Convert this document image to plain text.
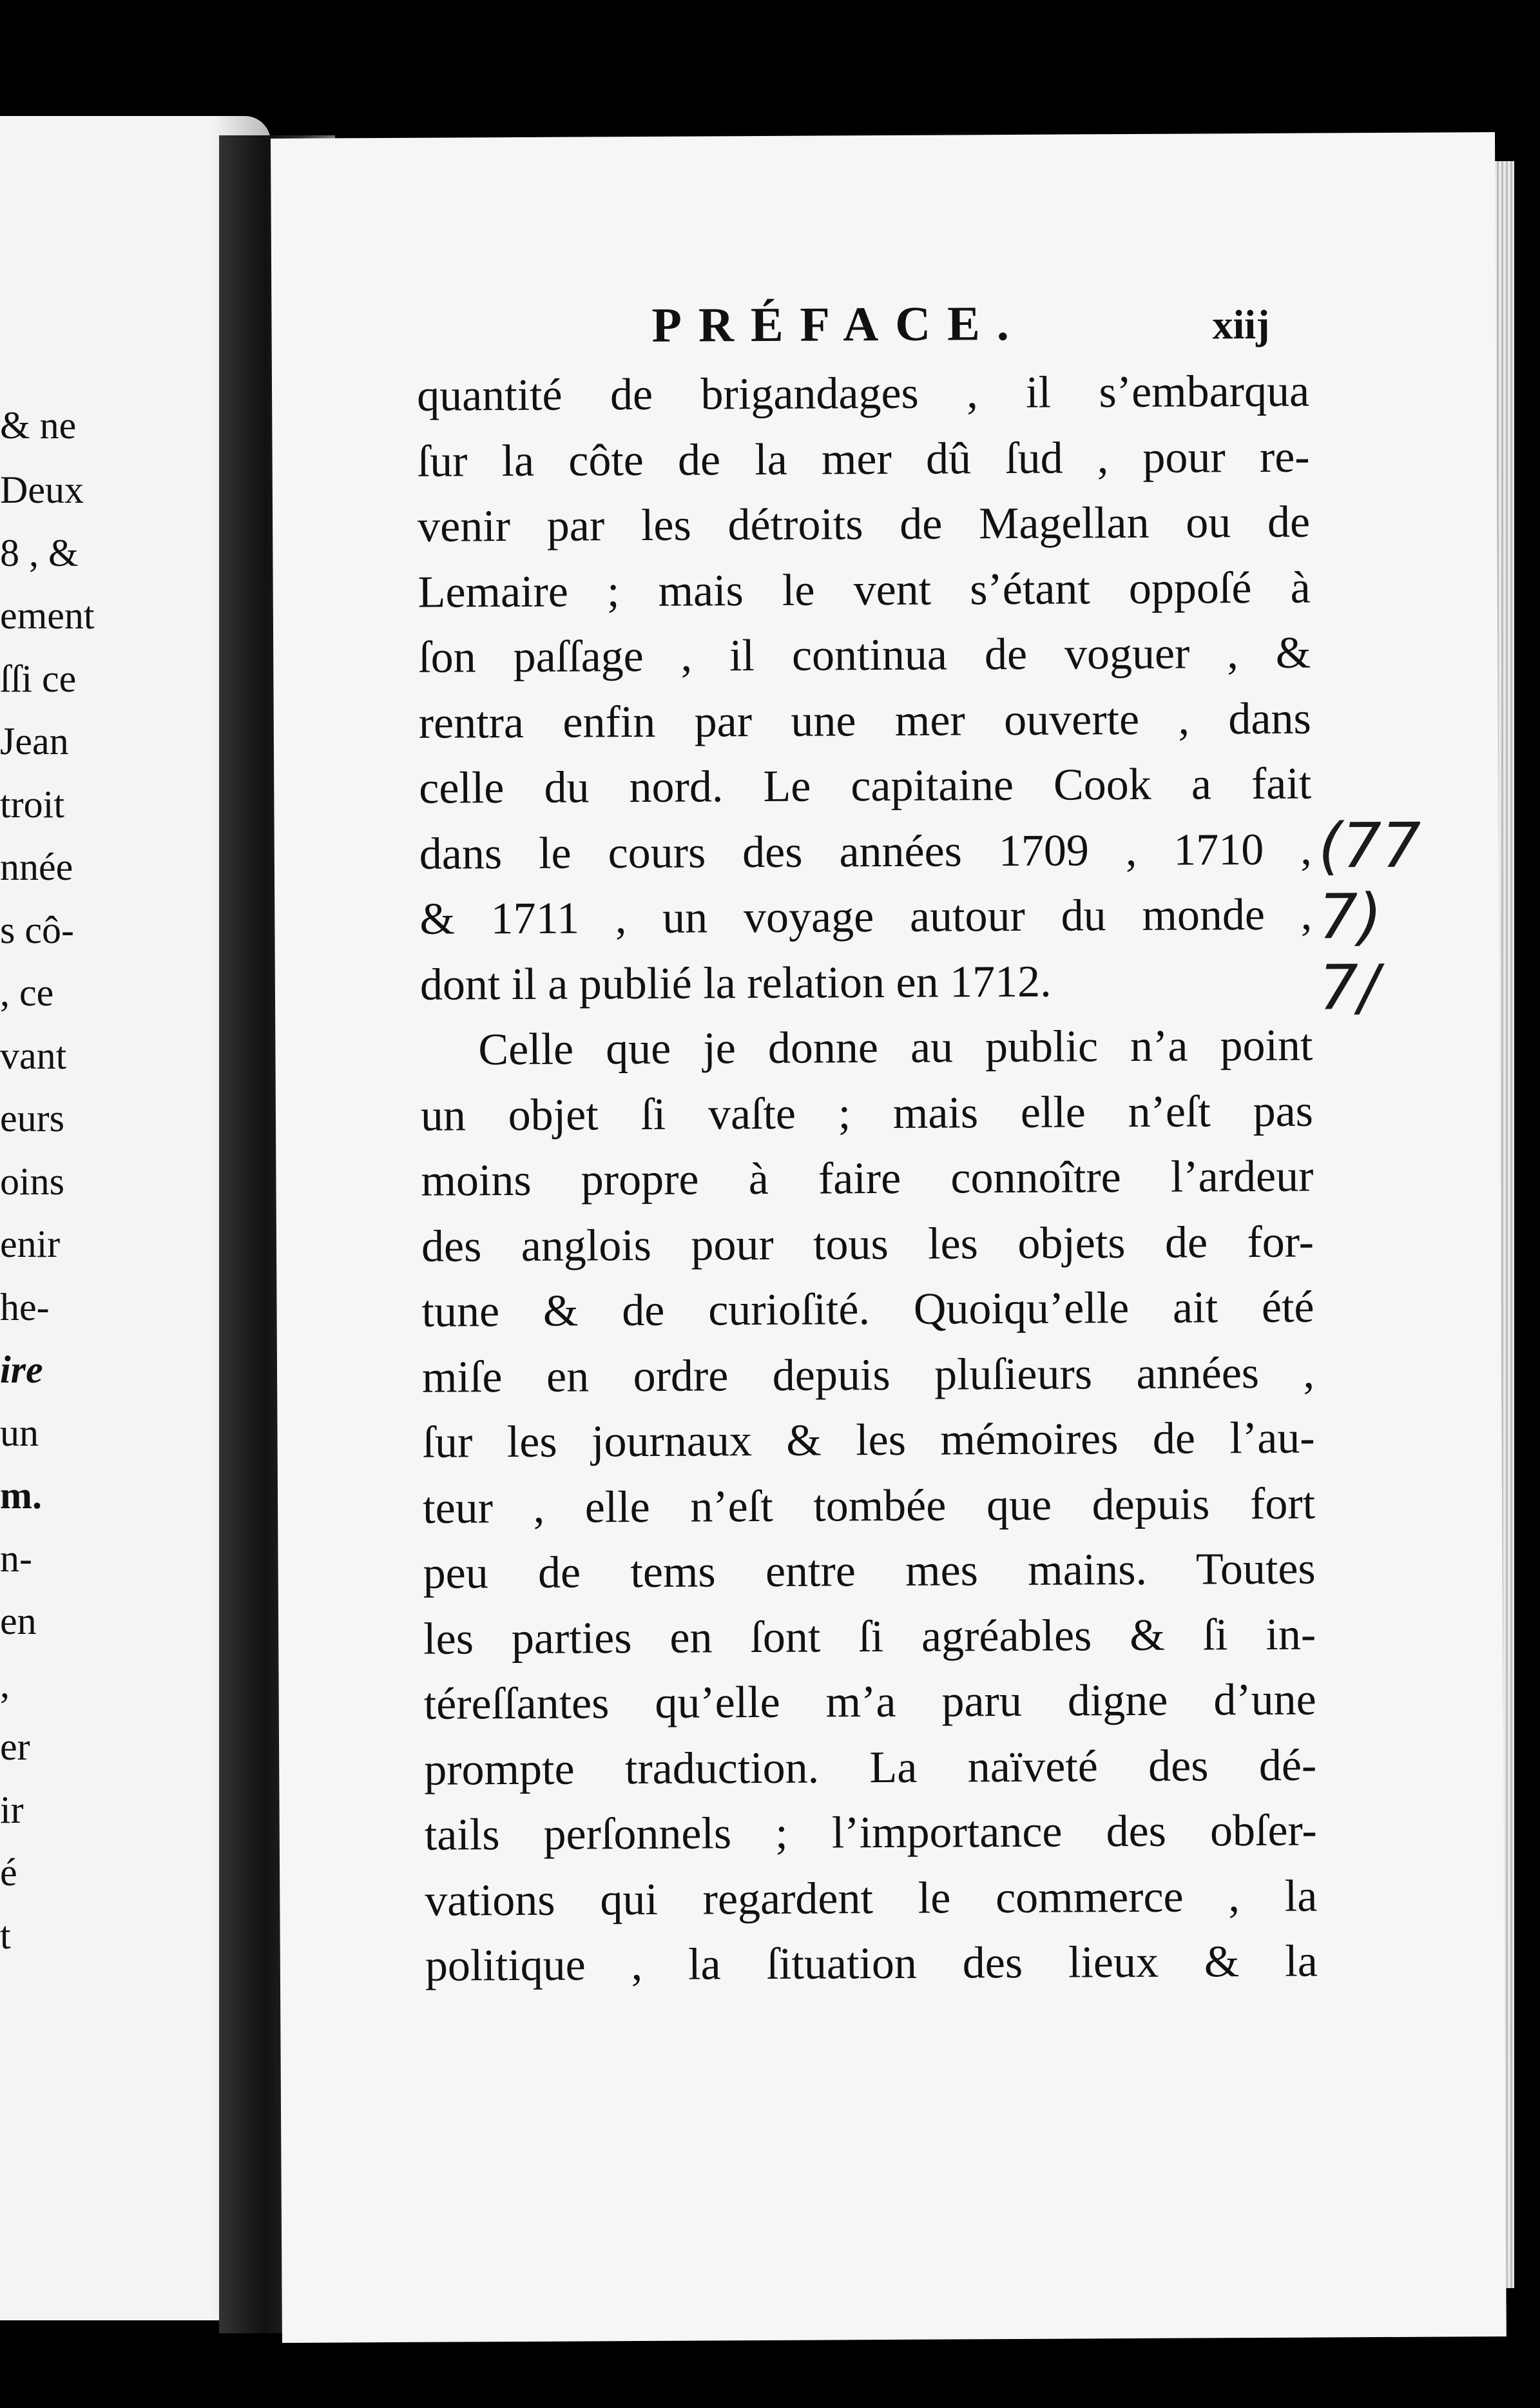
& ne
Deux
8 , &
ement
ſſi ce
Jean
troit
nnée
s cô-
, ce
vant
eurs
oins
enir
he-
ire
un
m.
n-
en
,
er
ir
é
t
PRÉFACE.	xiij
quantité de brigandages , il s’embarqua
ſur la côte de la mer dû ſud , pour re-
venir par les détroits de Magellan ou de
Lemaire ; mais le vent s’étant oppoſé à
ſon paſſage , il continua de voguer , &
rentra enfin par une mer ouverte , dans
celle du nord. Le capitaine Cook a fait
dans le cours des années 1709 , 1710 ,
& 1711 , un voyage autour du monde ,
dont il a publié la relation en 1712.
Celle que je donne au public n’a point
un objet ſi vaſte ; mais elle n’eſt pas
moins propre à faire connoître l’ardeur
des anglois pour tous les objets de for-
tune & de curioſité. Quoiqu’elle ait été
miſe en ordre depuis pluſieurs années ,
ſur les journaux & les mémoires de l’au-
teur , elle n’eſt tombée que depuis fort
peu de tems entre mes mains. Toutes
les parties en ſont ſi agréables & ſi in-
téreſſantes qu’elle m’a paru digne d’une
prompte traduction. La naïveté des dé-
tails perſonnels ; l’importance des obſer-
vations qui regardent le commerce , la
politique , la ſituation des lieux & la
(77
7)
7/
